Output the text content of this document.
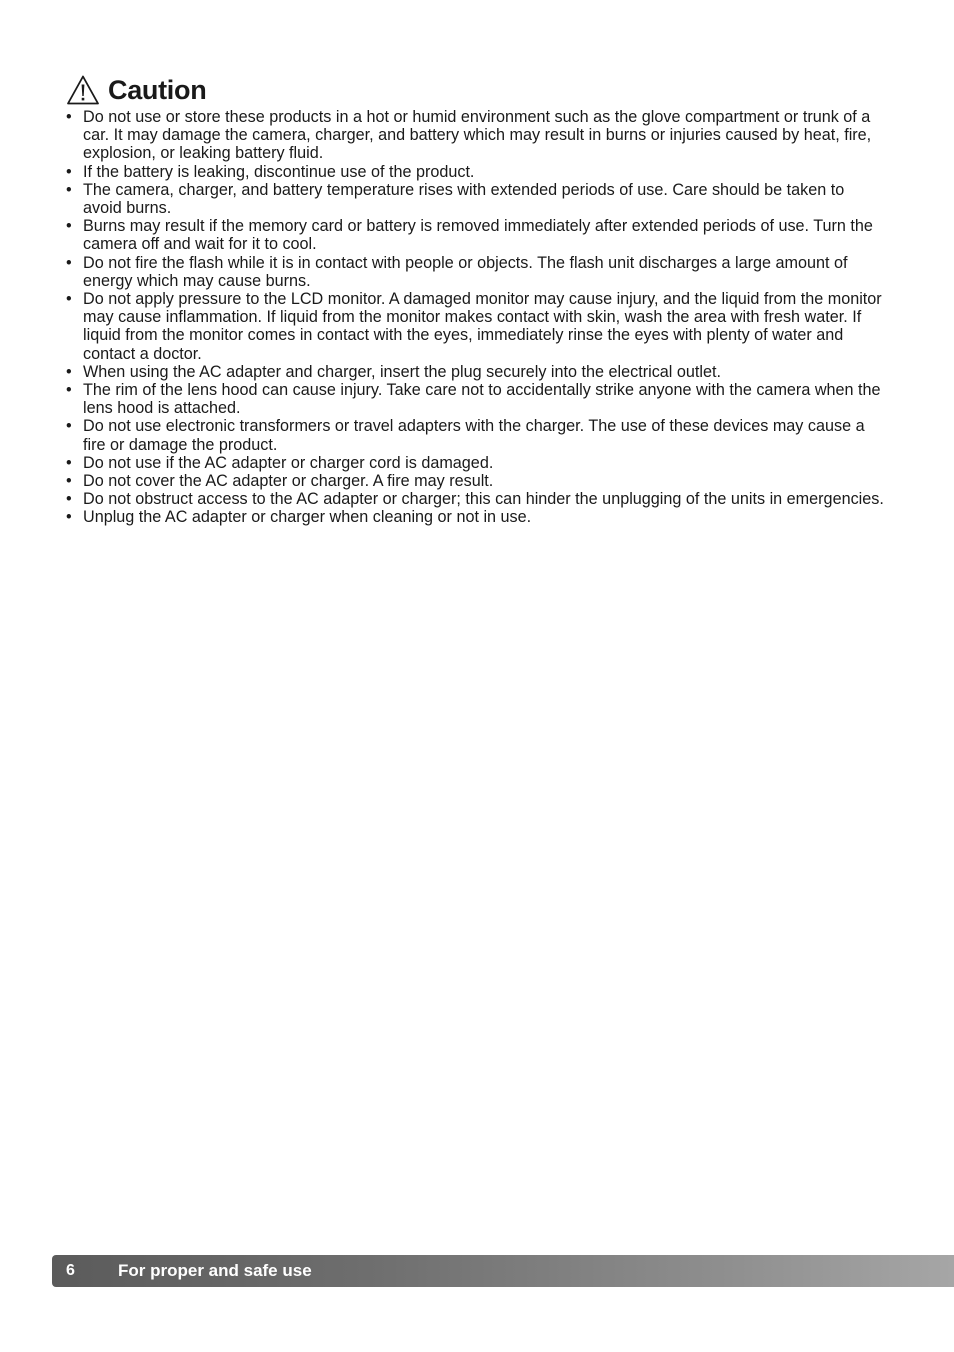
Caution
• Do not use or store these products in a hot or humid environment such as the glove compartment or trunk of a car. It may damage the camera, charger, and battery which may result in burns or injuries caused by heat, fire, explosion, or leaking battery fluid.
• If the battery is leaking, discontinue use of the product.
• The camera, charger, and battery temperature rises with extended periods of use. Care should be taken to avoid burns.
• Burns may result if the memory card or battery is removed immediately after extended periods of use. Turn the camera off and wait for it to cool.
• Do not fire the flash while it is in contact with people or objects. The flash unit discharges a large amount of energy which may cause burns.
• Do not apply pressure to the LCD monitor. A damaged monitor may cause injury, and the liquid from the monitor may cause inflammation. If liquid from the monitor makes contact with skin, wash the area with fresh water. If liquid from the monitor comes in contact with the eyes, immediately rinse the eyes with plenty of water and contact a doctor.
• When using the AC adapter and charger, insert the plug securely into the electrical outlet.
• The rim of the lens hood can cause injury. Take care not to accidentally strike anyone with the camera when the lens hood is attached.
• Do not use electronic transformers or travel adapters with the charger. The use of these devices may cause a fire or damage the product.
• Do not use if the AC adapter or charger cord is damaged.
• Do not cover the AC adapter or charger. A fire may result.
• Do not obstruct access to the AC adapter or charger; this can hinder the unplugging of the units in emergencies.
• Unplug the AC adapter or charger when cleaning or not in use.
6	For proper and safe use
